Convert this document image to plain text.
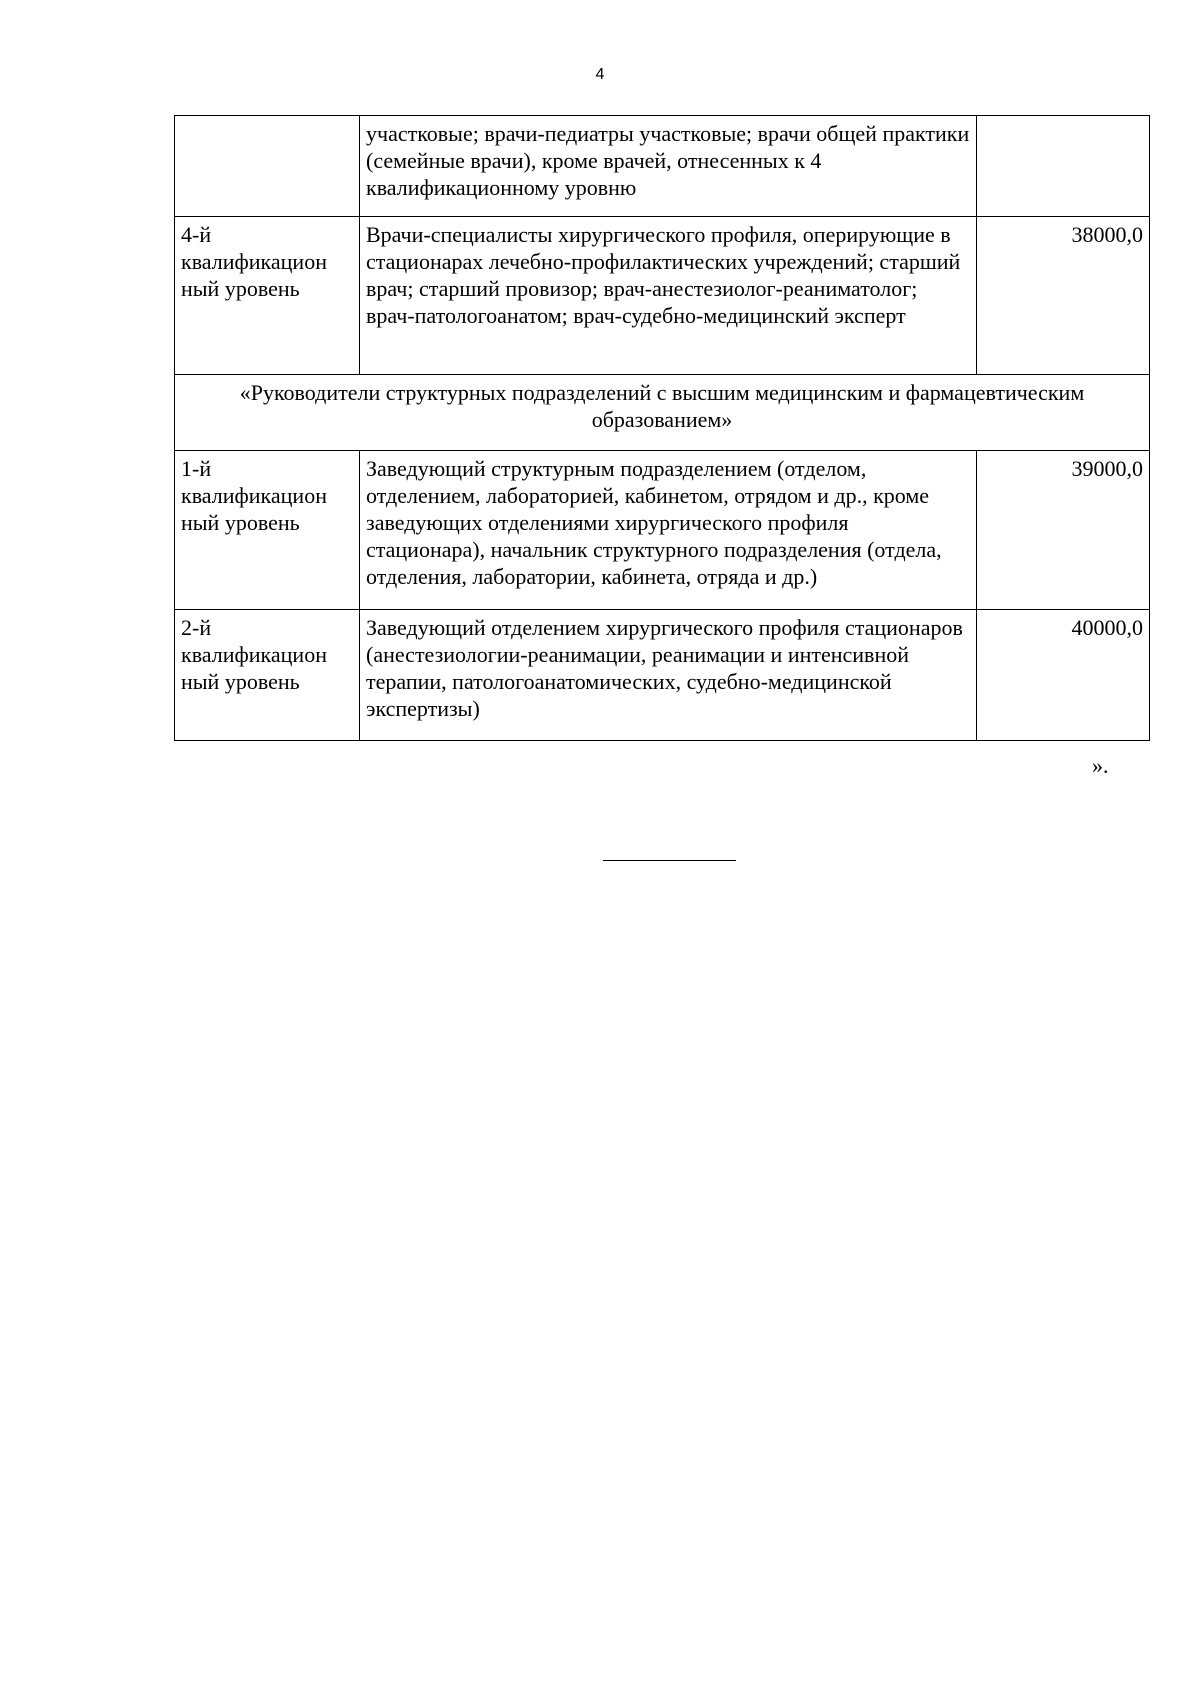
4
	участковые; врачи-педиатры участковые; врачи общей практики (семейные врачи), кроме врачей, отнесенных к 4 квалификационному уровню	
4-й квалификацион ный уровень	Врачи-специалисты хирургического профиля, оперирующие в стационарах лечебно-профилактических учреждений; старший врач; старший провизор; врач-анестезиолог-реаниматолог; врач-патологоанатом; врач-судебно-медицинский эксперт	38000,0
«Руководители структурных подразделений с высшим медицинским и фармацевтическим образованием»		
1-й квалификацион ный уровень	Заведующий структурным подразделением (отделом, отделением, лабораторией, кабинетом, отрядом и др., кроме заведующих отделениями хирургического профиля стационара), начальник структурного подразделения (отдела, отделения, лаборатории, кабинета, отряда и др.)	39000,0
2-й квалификацион ный уровень	Заведующий отделением хирургического профиля стационаров (анестезиологии-реанимации, реанимации и интенсивной терапии, патологоанатомических, судебно-медицинской экспертизы)	40000,0
».
